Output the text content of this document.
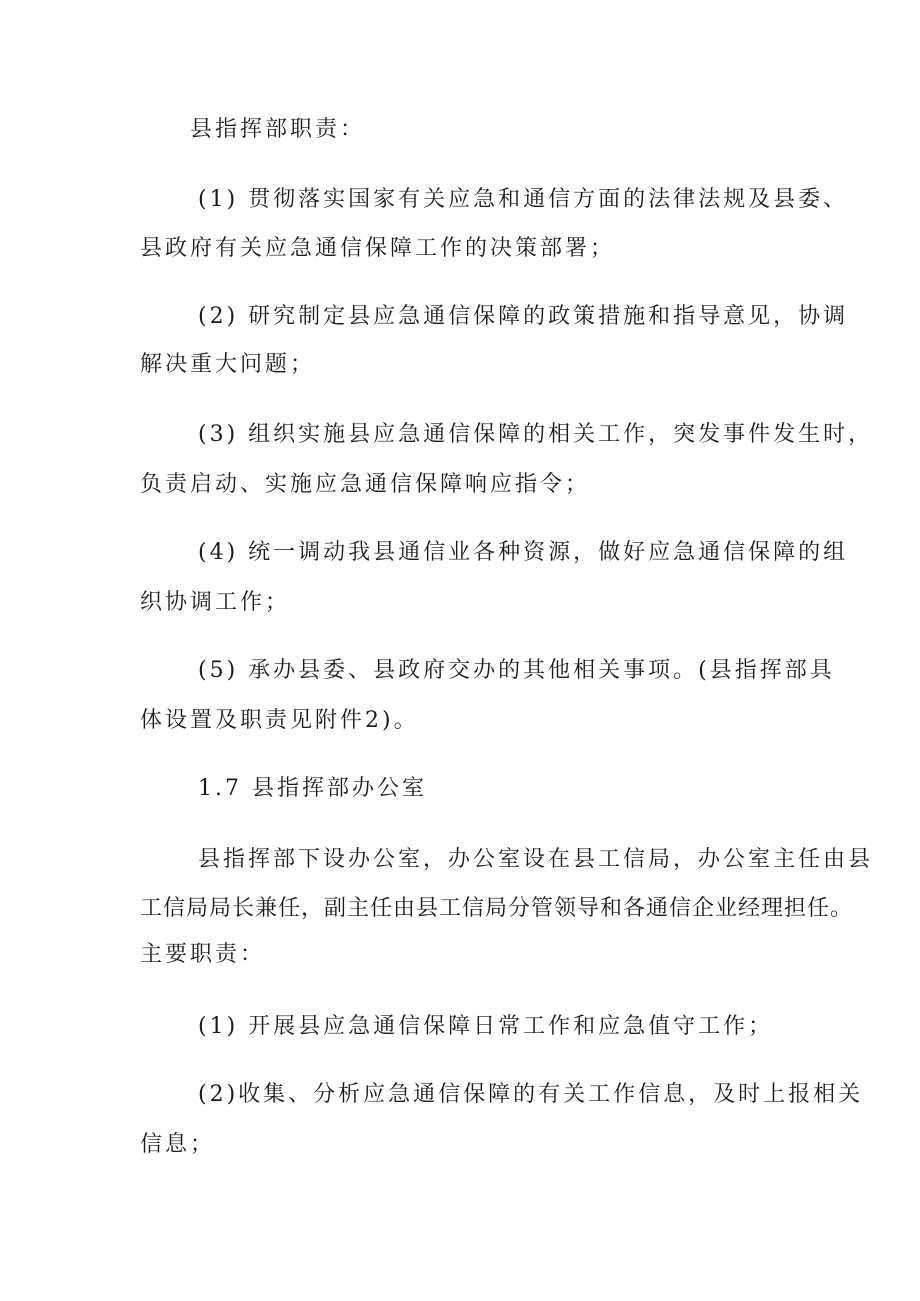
县指挥部职责：

(1) 贯彻落实国家有关应急和通信方面的法律法规及县委、

县政府有关应急通信保障工作的决策部署；

(2) 研究制定县应急通信保障的政策措施和指导意见，协调

解决重大问题；

(3) 组织实施县应急通信保障的相关工作，突发事件发生时，

负责启动、实施应急通信保障响应指令；

(4) 统一调动我县通信业各种资源，做好应急通信保障的组

织协调工作；

(5) 承办县委、县政府交办的其他相关事项。(县指挥部具

体设置及职责见附件2)。

1.7 县指挥部办公室

县指挥部下设办公室，办公室设在县工信局，办公室主任由县

工信局局长兼任，副主任由县工信局分管领导和各通信企业经理担任。

主要职责：

(1) 开展县应急通信保障日常工作和应急值守工作；

(2)收集、分析应急通信保障的有关工作信息，及时上报相关

信息；
